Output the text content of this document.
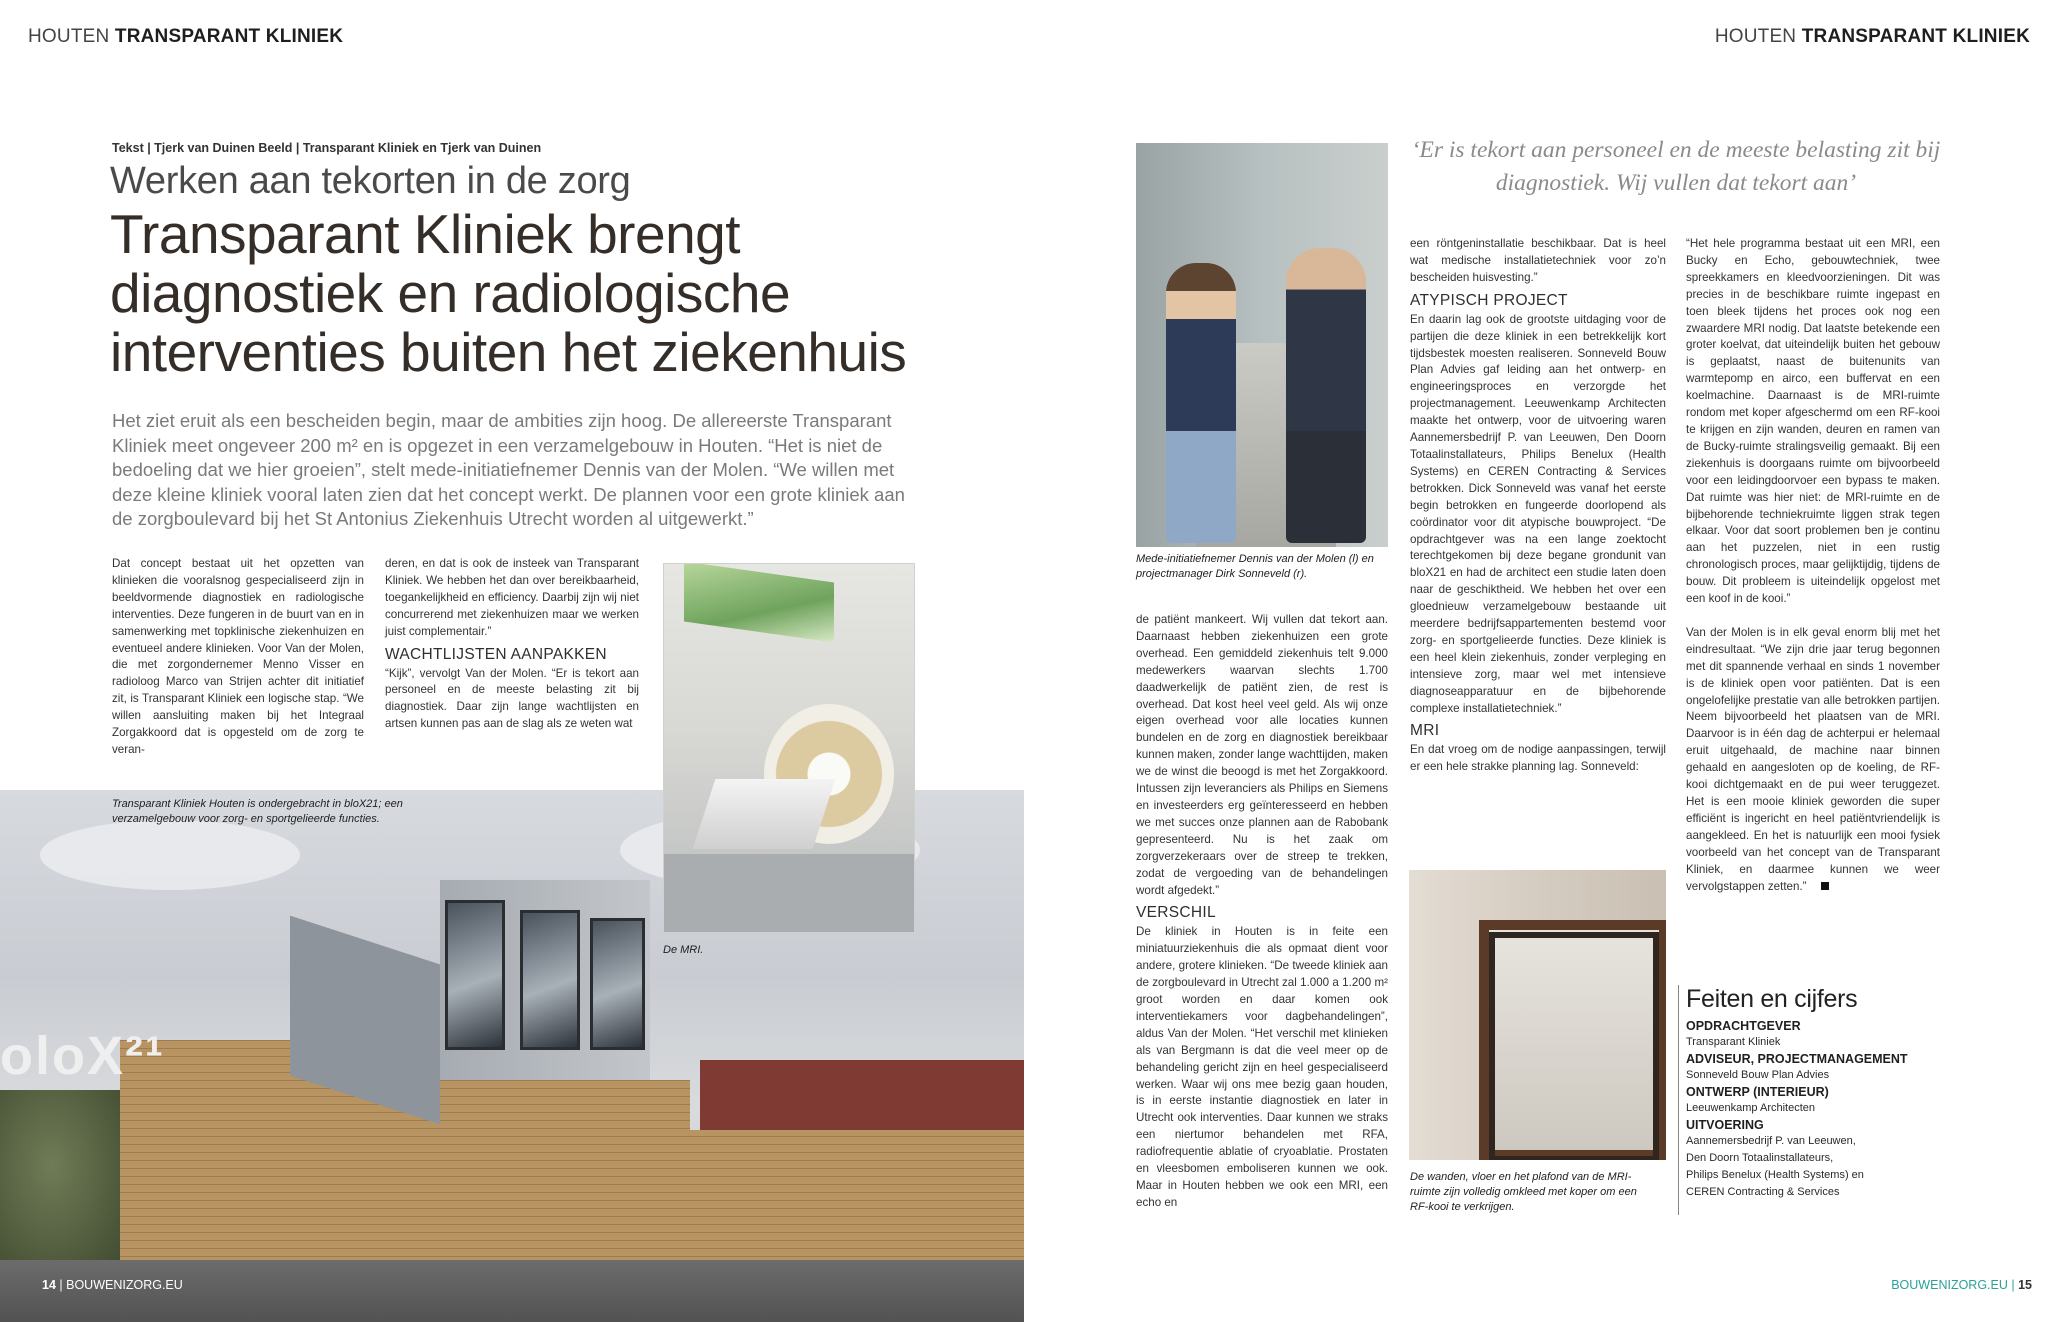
HOUTEN TRANSPARANT KLINIEK
Tekst | Tjerk van Duinen Beeld | Transparant Kliniek en Tjerk van Duinen
Werken aan tekorten in de zorg
Transparant Kliniek brengt diagnostiek en radiologische interventies buiten het ziekenhuis

Het ziet eruit als een bescheiden begin, maar de ambities zijn hoog. De allereerste Transparant Kliniek meet ongeveer 200 m² en is opgezet in een verzamelgebouw in Houten. “Het is niet de bedoeling dat we hier groeien”, stelt mede-initiatiefnemer Dennis van der Molen. “We willen met deze kleine kliniek vooral laten zien dat het concept werkt. De plannen voor een grote kliniek aan de zorgboulevard bij het St Antonius Ziekenhuis Utrecht worden al uitgewerkt.”

Dat concept bestaat uit het opzetten van klinieken die vooralsnog gespecialiseerd zijn in beeldvormende diagnostiek en radiologische interventies. Deze fungeren in de buurt van en in samenwerking met topklinische ziekenhuizen en eventueel andere klinieken. Voor Van der Molen, die met zorgondernemer Menno Visser en radioloog Marco van Strijen achter dit initiatief zit, is Transparant Kliniek een logische stap. “We willen aansluiting maken bij het Integraal Zorgakkoord dat is opgesteld om de zorg te veran-

deren, en dat is ook de insteek van Transparant Kliniek. We hebben het dan over bereikbaarheid, toegankelijkheid en efficiency. Daarbij zijn wij niet concurrerend met ziekenhuizen maar we werken juist complementair.”

WACHTLIJSTEN AANPAKKEN

“Kijk”, vervolgt Van der Molen. “Er is tekort aan personeel en de meeste belasting zit bij diagnostiek. Daar zijn lange wachtlijsten en artsen kunnen pas aan de slag als ze weten wat

oloX²¹
Transparant Kliniek Houten is ondergebracht in bloX21; een verzamelgebouw voor zorg- en sportgelieerde functies.
De MRI.
14 | BOUWENIZORG.EU
HOUTEN TRANSPARANT KLINIEK
Mede-initiatiefnemer Dennis van der Molen (l) en projectmanager Dirk Sonneveld (r).
‘Er is tekort aan personeel en de meeste belasting zit bij diagnostiek. Wij vullen dat tekort aan’

de patiënt mankeert. Wij vullen dat tekort aan. Daarnaast hebben ziekenhuizen een grote overhead. Een gemiddeld ziekenhuis telt 9.000 medewerkers waarvan slechts 1.700 daadwerkelijk de patiënt zien, de rest is overhead. Dat kost heel veel geld. Als wij onze eigen overhead voor alle locaties kunnen bundelen en de zorg en diagnostiek bereikbaar kunnen maken, zonder lange wachttijden, maken we de winst die beoogd is met het Zorgakkoord. Intussen zijn leveranciers als Philips en Siemens en investeerders erg geïnteresseerd en hebben we met succes onze plannen aan de Rabobank gepresenteerd. Nu is het zaak om zorgverzekeraars over de streep te trekken, zodat de vergoeding van de behandelingen wordt afgedekt.”

VERSCHIL

De kliniek in Houten is in feite een miniatuurziekenhuis die als opmaat dient voor andere, grotere klinieken. “De tweede kliniek aan de zorgboulevard in Utrecht zal 1.000 a 1.200 m² groot worden en daar komen ook interventiekamers voor dagbehandelingen”, aldus Van der Molen. “Het verschil met klinieken als van Bergmann is dat die veel meer op de behandeling gericht zijn en heel gespecialiseerd werken. Waar wij ons mee bezig gaan houden, is in eerste instantie diagnostiek en later in Utrecht ook interventies. Daar kunnen we straks een niertumor behandelen met RFA, radiofrequentie ablatie of cryoablatie. Prostaten en vleesbomen emboliseren kunnen we ook. Maar in Houten hebben we ook een MRI, een echo en

een röntgeninstallatie beschikbaar. Dat is heel wat medische installatietechniek voor zo’n bescheiden huisvesting.”

ATYPISCH PROJECT

En daarin lag ook de grootste uitdaging voor de partijen die deze kliniek in een betrekkelijk kort tijdsbestek moesten realiseren. Sonneveld Bouw Plan Advies gaf leiding aan het ontwerp- en engineeringsproces en verzorgde het projectmanagement. Leeuwenkamp Architecten maakte het ontwerp, voor de uitvoering waren Aannemersbedrijf P. van Leeuwen, Den Doorn Totaalinstallateurs, Philips Benelux (Health Systems) en CEREN Contracting & Services betrokken. Dick Sonneveld was vanaf het eerste begin betrokken en fungeerde doorlopend als coördinator voor dit atypische bouwproject. “De opdrachtgever was na een lange zoektocht terechtgekomen bij deze begane grondunit van bloX21 en had de architect een studie laten doen naar de geschiktheid. We hebben het over een gloednieuw verzamelgebouw bestaande uit meerdere bedrijfsappartementen bestemd voor zorg- en sportgelieerde functies. Deze kliniek is een heel klein ziekenhuis, zonder verpleging en intensieve zorg, maar wel met intensieve diagnoseapparatuur en de bijbehorende complexe installatietechniek.”

MRI

En dat vroeg om de nodige aanpassingen, terwijl er een hele strakke planning lag. Sonneveld:

De wanden, vloer en het plafond van de MRI-ruimte zijn volledig omkleed met koper om een RF-kooi te verkrijgen.

“Het hele programma bestaat uit een MRI, een Bucky en Echo, gebouwtechniek, twee spreekkamers en kleedvoorzieningen. Dit was precies in de beschikbare ruimte ingepast en toen bleek tijdens het proces ook nog een zwaardere MRI nodig. Dat laatste betekende een groter koelvat, dat uiteindelijk buiten het gebouw is geplaatst, naast de buitenunits van warmtepomp en airco, een buffervat en een koelmachine. Daarnaast is de MRI-ruimte rondom met koper afgeschermd om een RF-kooi te krijgen en zijn wanden, deuren en ramen van de Bucky-ruimte stralingsveilig gemaakt. Bij een ziekenhuis is doorgaans ruimte om bijvoorbeeld voor een leidingdoorvoer een bypass te maken. Dat ruimte was hier niet: de MRI-ruimte en de bijbehorende techniekruimte liggen strak tegen elkaar. Voor dat soort problemen ben je continu aan het puzzelen, niet in een rustig chronologisch proces, maar gelijktijdig, tijdens de bouw. Dit probleem is uiteindelijk opgelost met een koof in de kooi.”

Van der Molen is in elk geval enorm blij met het eindresultaat. “We zijn drie jaar terug begonnen met dit spannende verhaal en sinds 1 november is de kliniek open voor patiënten. Dat is een ongelofelijke prestatie van alle betrokken partijen. Neem bijvoorbeeld het plaatsen van de MRI. Daarvoor is in één dag de achterpui er helemaal eruit uitgehaald, de machine naar binnen gehaald en aangesloten op de koeling, de RF-kooi dichtgemaakt en de pui weer teruggezet. Het is een mooie kliniek geworden die super efficiënt is ingericht en heel patiëntvriendelijk is aangekleed. En het is natuurlijk een mooi fysiek voorbeeld van het concept van de Transparant Kliniek, en daarmee kunnen we weer vervolgstappen zetten.”

Feiten en cijfers
OPDRACHTGEVER
Transparant Kliniek
ADVISEUR, PROJECTMANAGEMENT
Sonneveld Bouw Plan Advies
ONTWERP (INTERIEUR)
Leeuwenkamp Architecten
UITVOERING
Aannemersbedrijf P. van Leeuwen,
Den Doorn Totaalinstallateurs,
Philips Benelux (Health Systems) en
CEREN Contracting & Services
BOUWENIZORG.EU | 15
